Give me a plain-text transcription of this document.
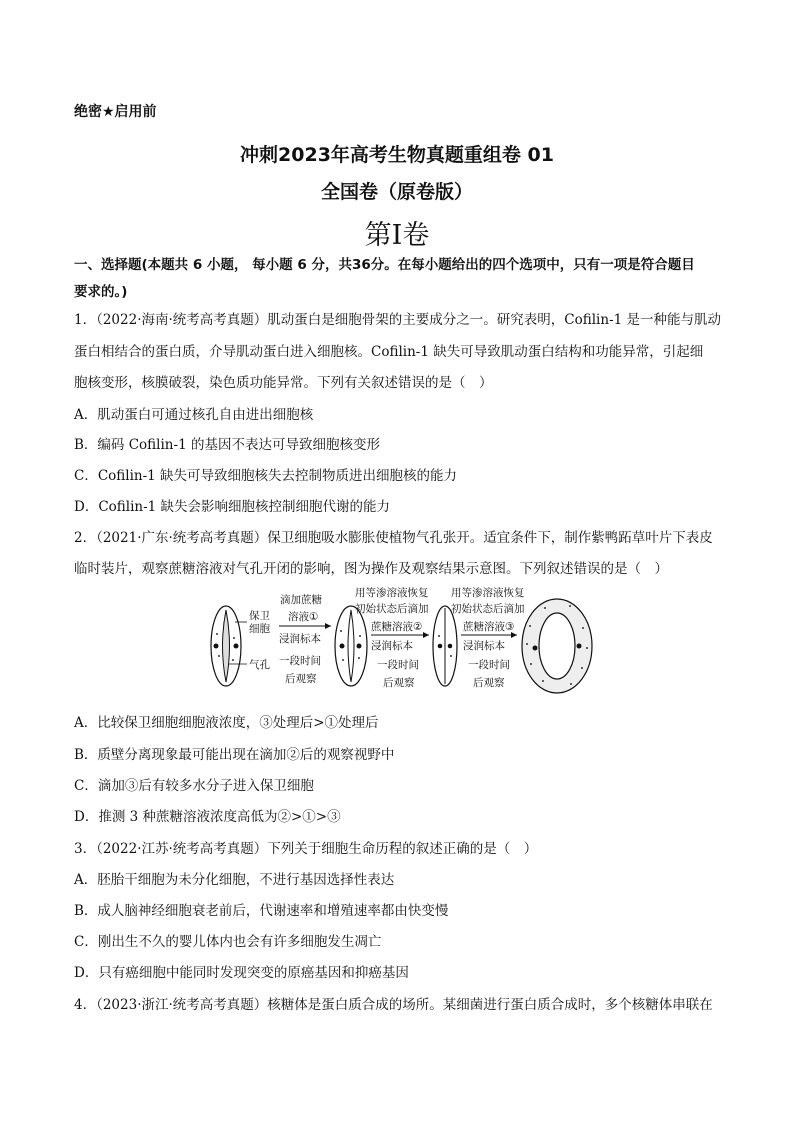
绝密★启用前
冲刺2023年高考生物真题重组卷 01
全国卷（原卷版）
第I卷
一、选择题(本题共 6 小题， 每小题 6 分，共36分。在每小题给出的四个选项中，只有一项是符合题目
要求的。)
1．（2022·海南·统考高考真题）肌动蛋白是细胞骨架的主要成分之一。研究表明，Cofilin-1 是一种能与肌动
蛋白相结合的蛋白质，介导肌动蛋白进入细胞核。Cofilin-1 缺失可导致肌动蛋白结构和功能异常，引起细
胞核变形，核膜破裂，染色质功能异常。下列有关叙述错误的是（　）
A．肌动蛋白可通过核孔自由进出细胞核
B．编码 Cofilin-1 的基因不表达可导致细胞核变形
C．Cofilin-1 缺失可导致细胞核失去控制物质进出细胞核的能力
D．Cofilin-1 缺失会影响细胞核控制细胞代谢的能力
2．（2021·广东·统考高考真题）保卫细胞吸水膨胀使植物气孔张开。适宜条件下，制作紫鸭跖草叶片下表皮
临时装片，观察蔗糖溶液对气孔开闭的影响，图为操作及观察结果示意图。下列叙述错误的是（　）
保卫
细胞
气孔
滴加蔗糖
溶液①
浸润标本
一段时间
后观察
用等渗溶液恢复
初始状态后滴加
蔗糖溶液②
浸润标本
一段时间
后观察
用等渗溶液恢复
初始状态后滴加
蔗糖溶液③
浸润标本
一段时间
后观察
A．比较保卫细胞细胞液浓度，③处理后>①处理后
B．质壁分离现象最可能出现在滴加②后的观察视野中
C．滴加③后有较多水分子进入保卫细胞
D．推测 3 种蔗糖溶液浓度高低为②>①>③
3．（2022·江苏·统考高考真题）下列关于细胞生命历程的叙述正确的是（　）
A．胚胎干细胞为未分化细胞，不进行基因选择性表达
B．成人脑神经细胞衰老前后，代谢速率和增殖速率都由快变慢
C．刚出生不久的婴儿体内也会有许多细胞发生凋亡
D．只有癌细胞中能同时发现突变的原癌基因和抑癌基因
4．（2023·浙江·统考高考真题）核糖体是蛋白质合成的场所。某细菌进行蛋白质合成时，多个核糖体串联在
